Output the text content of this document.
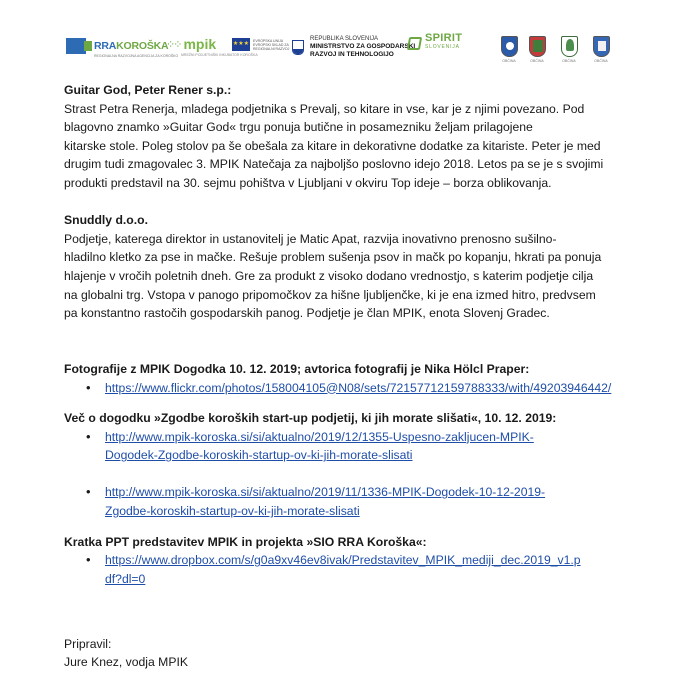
RRAKOROŠKA
REGIONALNA RAZVOJNA AGENCIJA ZA KOROŠKO
⁘⁘ mpik
MREŽNI PODJETNIŠKI INKUBATOR KOROŠKA
★★★
EVROPSKA UNIJA EVROPSKI SKLAD ZA REGIONALNI RAZVOJ
REPUBLIKA SLOVENIJA
MINISTRSTVO ZA GOSPODARSKI
RAZVOJ IN TEHNOLOGIJO
SPIRIT
SLOVENIJA
OBČINA	OBČINA	OBČINA	OBČINA

Guitar God, Peter Rener s.p.:

Strast Petra Renerja, mladega podjetnika s Prevalj, so kitare in vse, kar je z njimi povezano. Pod

blagovno znamko »Guitar God« trgu ponuja butične in posamezniku željam prilagojene

kitarske stole. Poleg stolov pa še obešala za kitare in dekorativne dodatke za kitariste. Peter je med

drugim tudi zmagovalec 3. MPIK Natečaja za najboljšo poslovno idejo 2018. Letos pa se je s svojimi

produkti predstavil na 30. sejmu pohištva v Ljubljani v okviru Top ideje – borza oblikovanja.

Snuddly d.o.o.

Podjetje, katerega direktor in ustanovitelj je Matic Apat, razvija inovativno prenosno sušilno-

hladilno kletko za pse in mačke. Rešuje problem sušenja psov in mačk po kopanju, hkrati pa ponuja

hlajenje v vročih poletnih dneh. Gre za produkt z visoko dodano vrednostjo, s katerim podjetje cilja

na globalni trg. Vstopa v panogo pripomočkov za hišne ljubljenčke, ki je ena izmed hitro, predvsem

pa konstantno rastočih gospodarskih panog. Podjetje je član MPIK, enota Slovenj Gradec.

Fotografije z MPIK Dogodka 10. 12. 2019; avtorica fotografij je Nika Hölcl Praper:

• https://www.flickr.com/photos/158004105@N08/sets/72157712159788333/with/49203946442/

Več o dogodku »Zgodbe koroških start-up podjetij, ki jih morate slišati«, 10. 12. 2019:

• http://www.mpik-koroska.si/si/aktualno/2019/12/1355-Uspesno-zakljucen-MPIK-
Dogodek-Zgodbe-koroskih-startup-ov-ki-jih-morate-slisati
• http://www.mpik-koroska.si/si/aktualno/2019/11/1336-MPIK-Dogodek-10-12-2019-
Zgodbe-koroskih-startup-ov-ki-jih-morate-slisati

Kratka PPT predstavitev MPIK in projekta »SIO RRA Koroška«:

• https://www.dropbox.com/s/g0a9xv46ev8ivak/Predstavitev_MPIK_mediji_dec.2019_v1.p
df?dl=0

Pripravil:

Jure Knez, vodja MPIK
